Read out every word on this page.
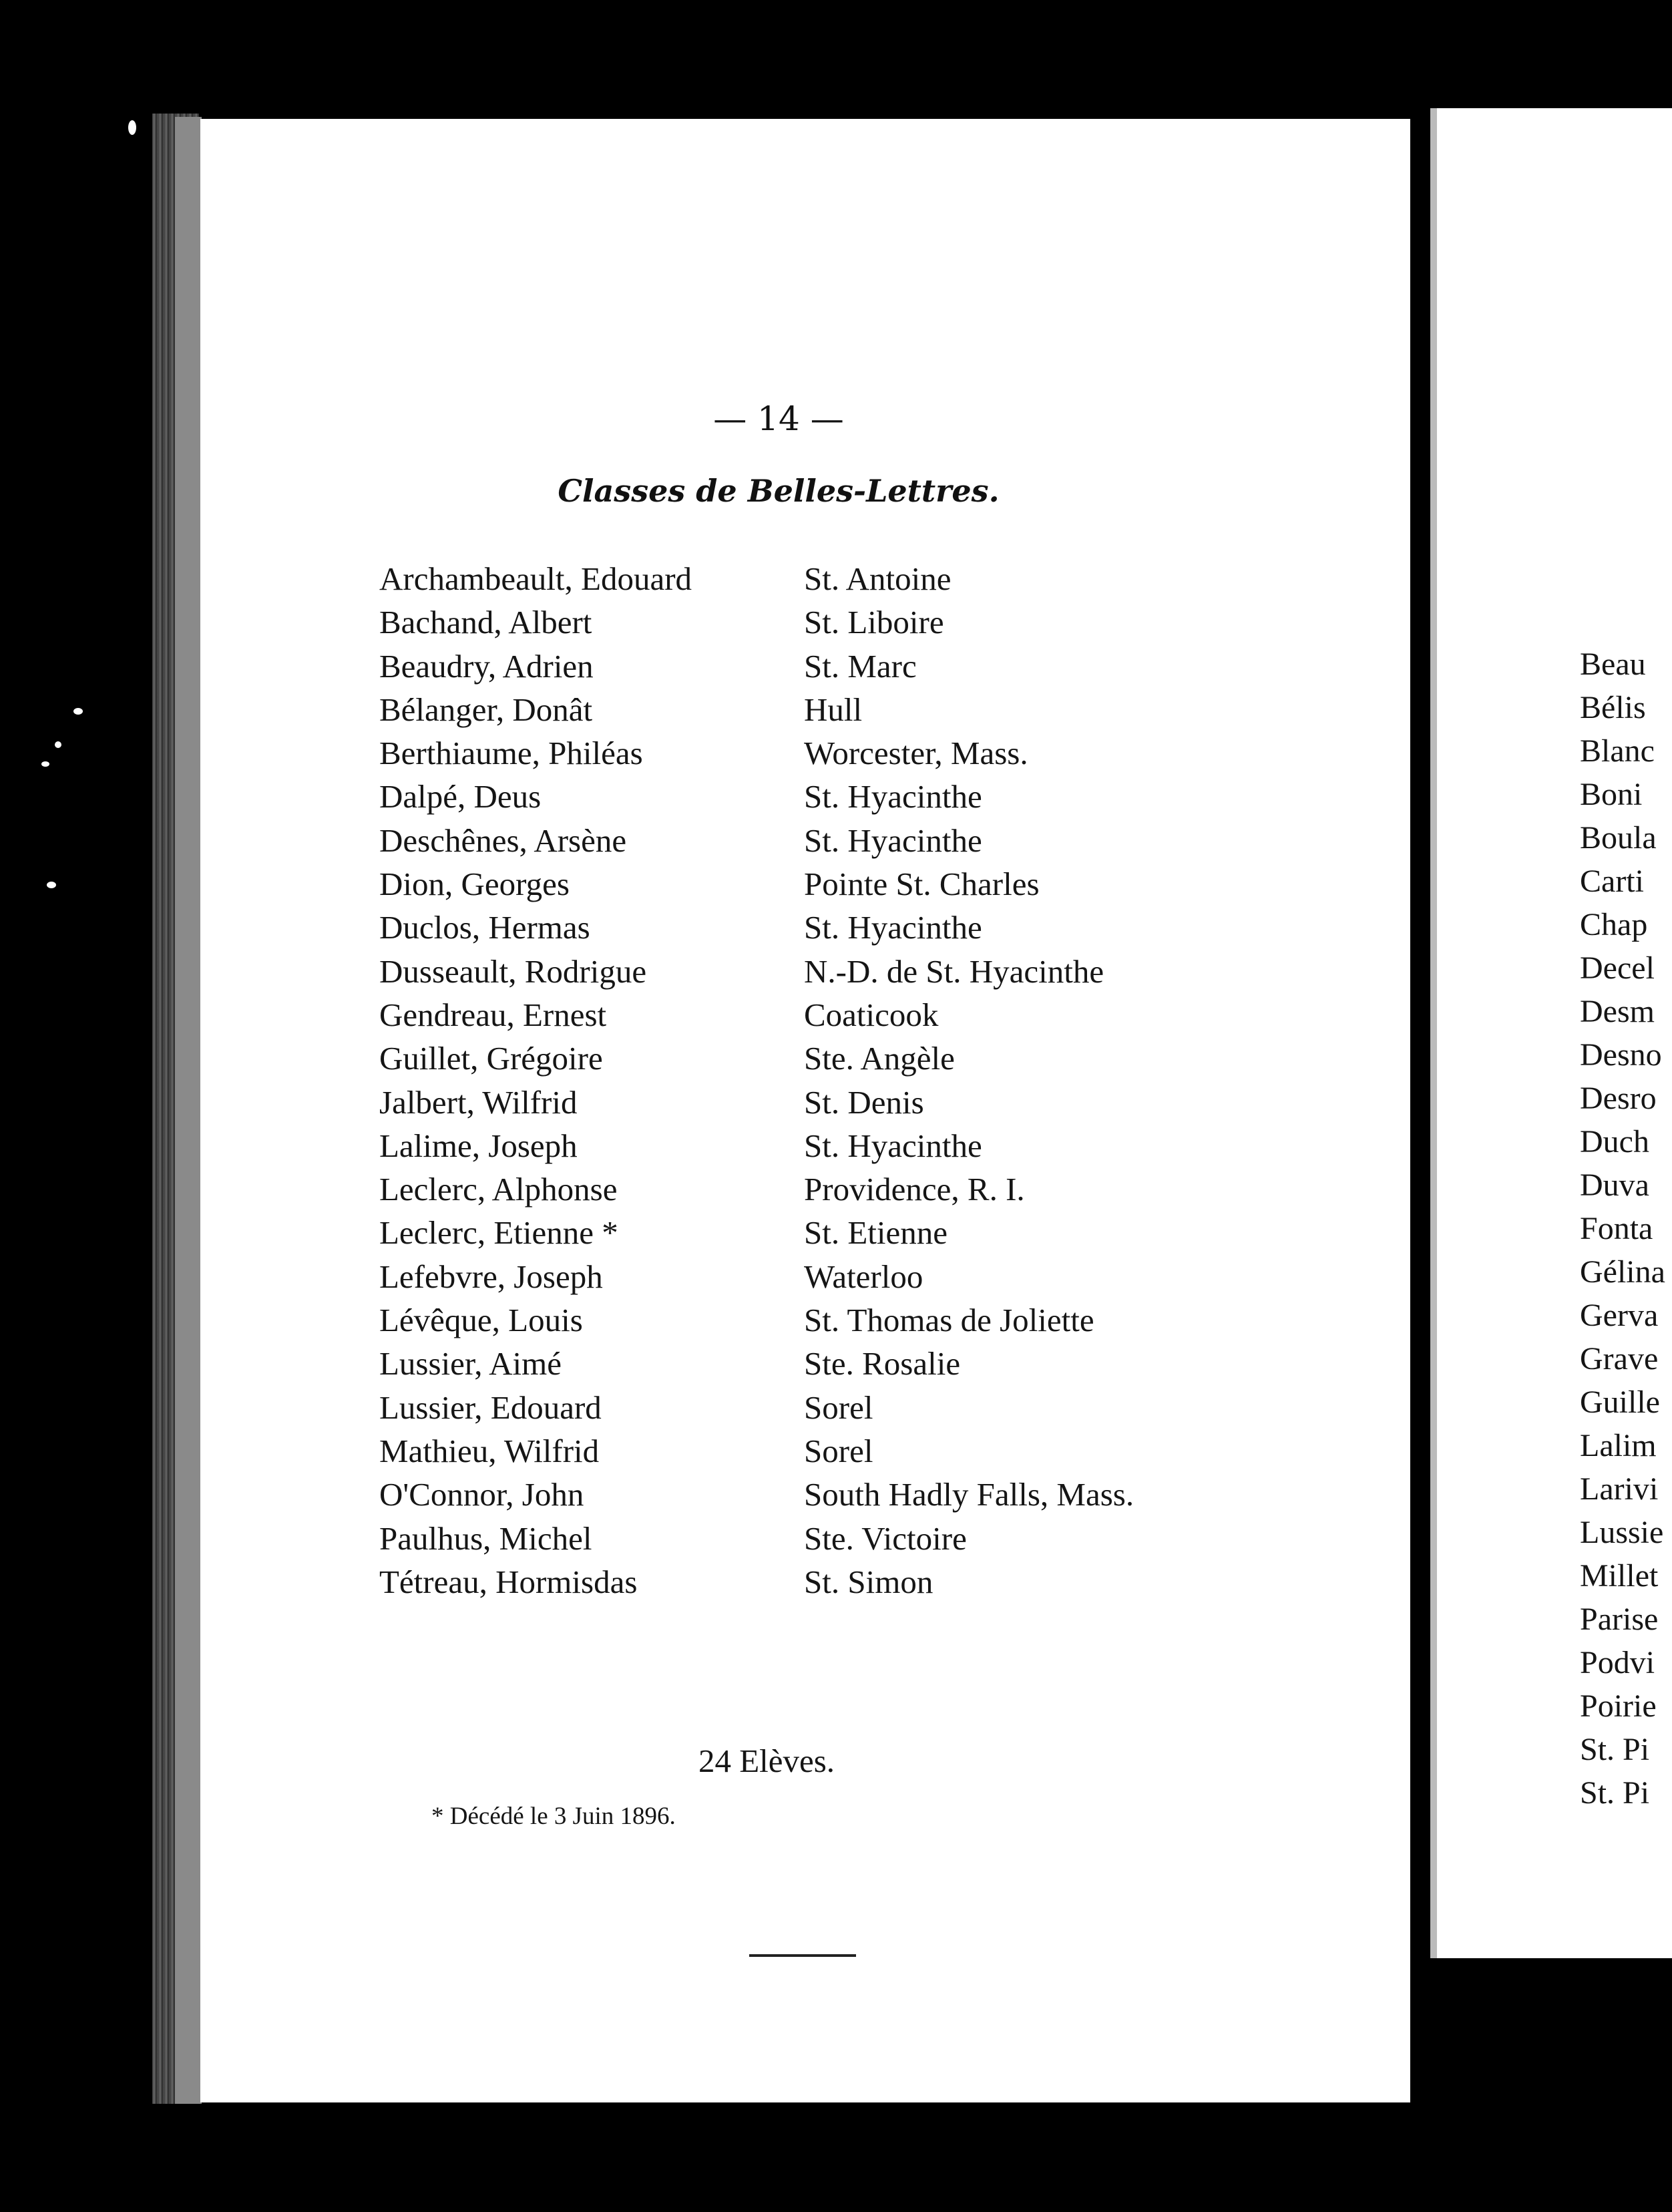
— 14 —
Classes de Belles-Lettres.
Archambeault, Edouard	St. Antoine
Bachand, Albert	St. Liboire
Beaudry, Adrien	St. Marc
Bélanger, Donât	Hull
Berthiaume, Philéas	Worcester, Mass.
Dalpé, Deus	St. Hyacinthe
Deschênes, Arsène	St. Hyacinthe
Dion, Georges	Pointe St. Charles
Duclos, Hermas	St. Hyacinthe
Dusseault, Rodrigue	N.-D. de St. Hyacinthe
Gendreau, Ernest	Coaticook
Guillet, Grégoire	Ste. Angèle
Jalbert, Wilfrid	St. Denis
Lalime, Joseph	St. Hyacinthe
Leclerc, Alphonse	Providence, R. I.
Leclerc, Etienne *	St. Etienne
Lefebvre, Joseph	Waterloo
Lévêque, Louis	St. Thomas de Joliette
Lussier, Aimé	Ste. Rosalie
Lussier, Edouard	Sorel
Mathieu, Wilfrid	Sorel
O'Connor, John	South Hadly Falls, Mass.
Paulhus, Michel	Ste. Victoire
Tétreau, Hormisdas	St. Simon
24 Elèves.
* Décédé le 3 Juin 1896.
Beau
Bélis
Blanc
Boni
Boula
Carti
Chap
Decel
Desm
Desno
Desro
Duch
Duva
Fonta
Gélina
Gerva
Grave
Guille
Lalim
Larivi
Lussie
Millet
Parise
Podvi
Poirie
St. Pi
St. Pi
